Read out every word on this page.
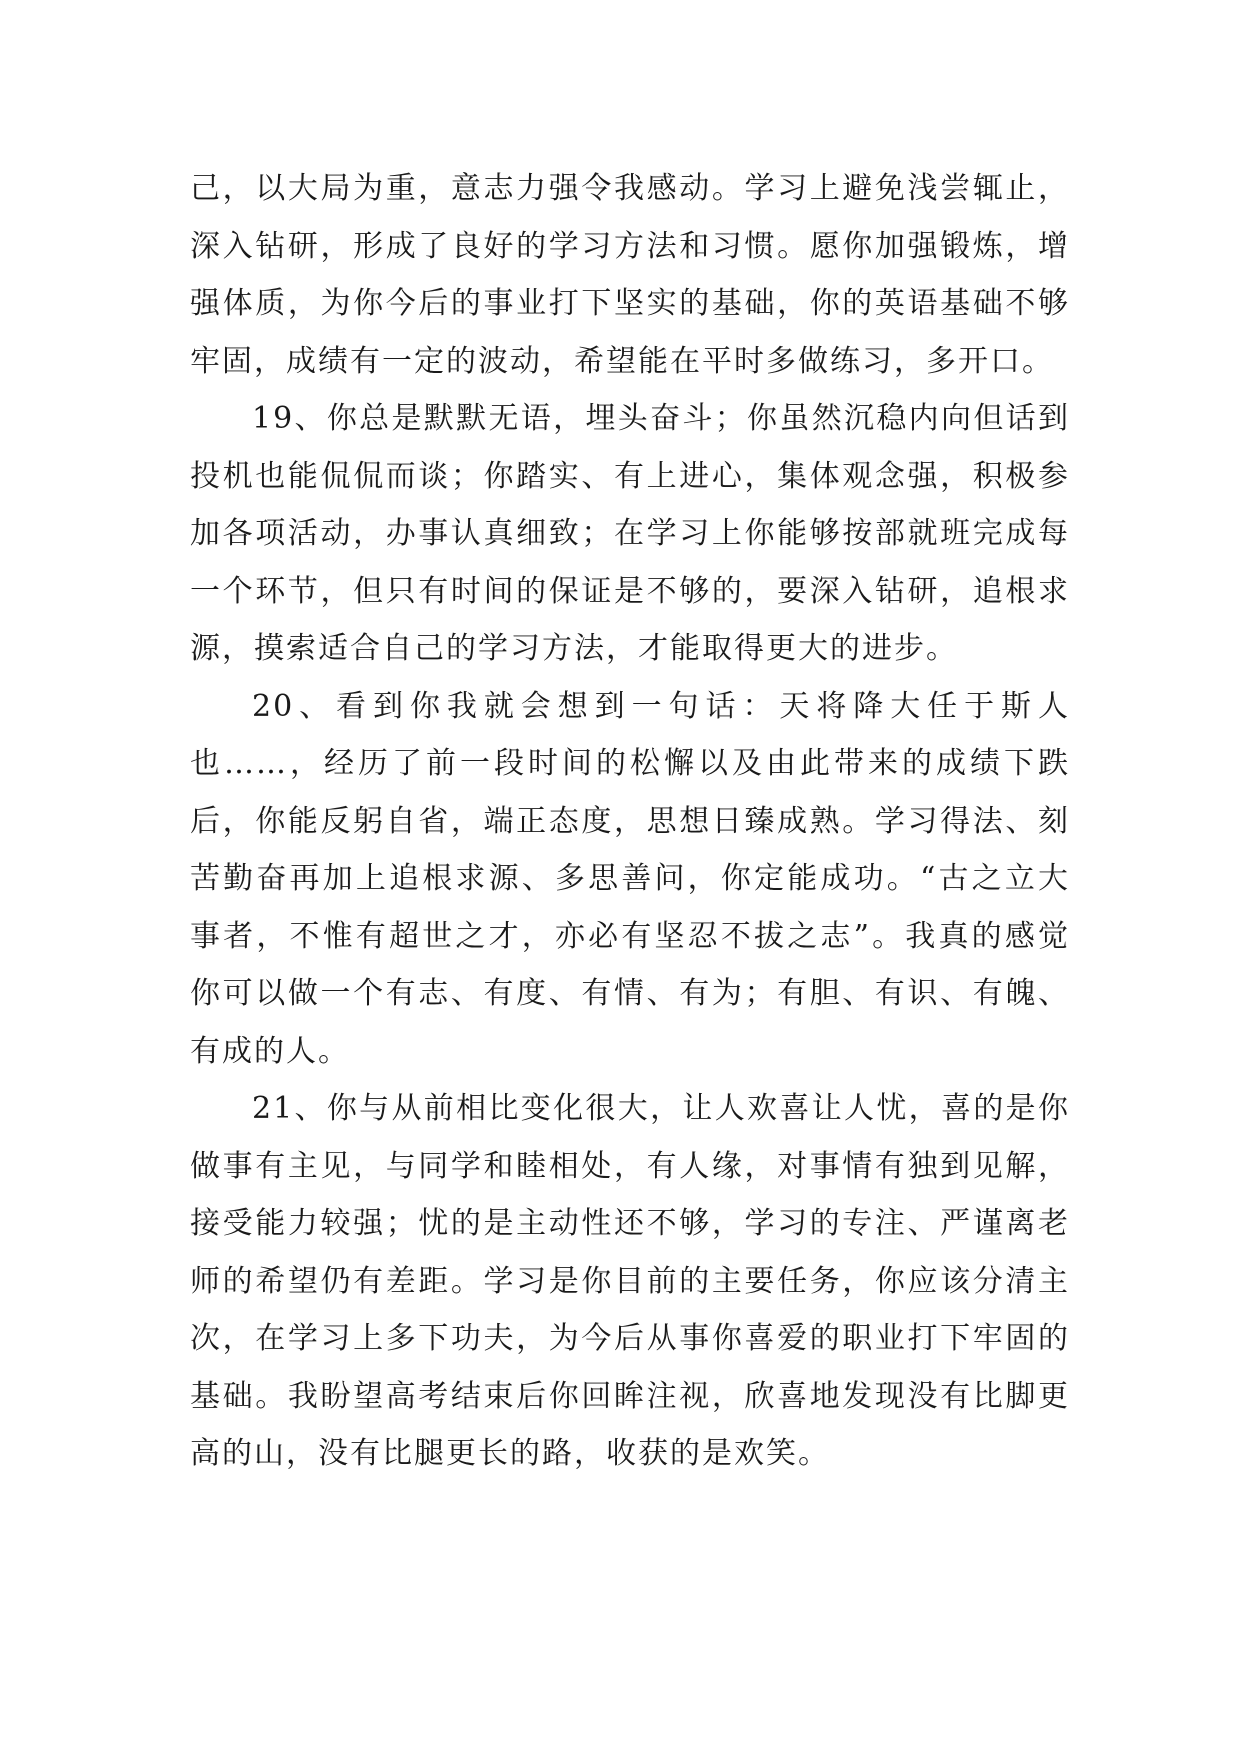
己，以大局为重，意志力强令我感动。学习上避免浅尝辄止，深入钻研，形成了良好的学习方法和习惯。愿你加强锻炼，增强体质，为你今后的事业打下坚实的基础，你的英语基础不够牢固，成绩有一定的波动，希望能在平时多做练习，多开口。

19、你总是默默无语，埋头奋斗；你虽然沉稳内向但话到投机也能侃侃而谈；你踏实、有上进心，集体观念强，积极参加各项活动，办事认真细致；在学习上你能够按部就班完成每一个环节，但只有时间的保证是不够的，要深入钻研，追根求源，摸索适合自己的学习方法，才能取得更大的进步。

20、看到你我就会想到一句话：天将降大任于斯人也……，经历了前一段时间的松懈以及由此带来的成绩下跌后，你能反躬自省，端正态度，思想日臻成熟。学习得法、刻苦勤奋再加上追根求源、多思善问，你定能成功。“古之立大事者，不惟有超世之才，亦必有坚忍不拔之志”。我真的感觉你可以做一个有志、有度、有情、有为；有胆、有识、有魄、有成的人。

21、你与从前相比变化很大，让人欢喜让人忧，喜的是你做事有主见，与同学和睦相处，有人缘，对事情有独到见解，接受能力较强；忧的是主动性还不够，学习的专注、严谨离老师的希望仍有差距。学习是你目前的主要任务，你应该分清主次，在学习上多下功夫，为今后从事你喜爱的职业打下牢固的基础。我盼望高考结束后你回眸注视，欣喜地发现没有比脚更高的山，没有比腿更长的路，收获的是欢笑。
